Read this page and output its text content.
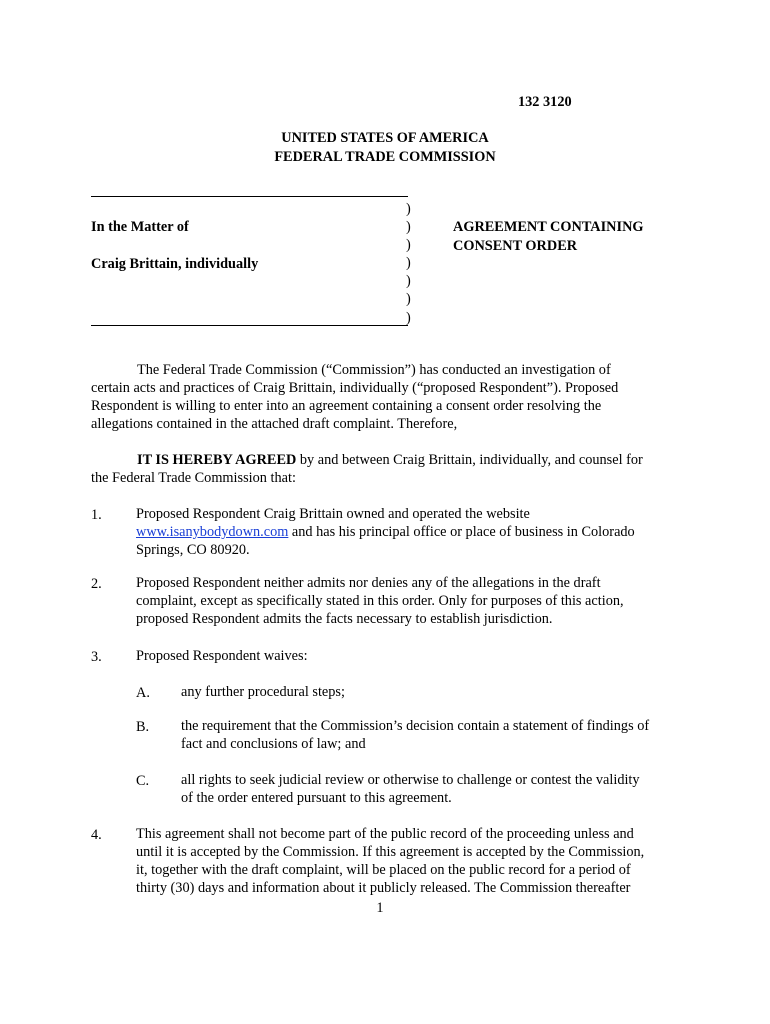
132 3120
UNITED STATES OF AMERICA
FEDERAL TRADE COMMISSION
In the Matter of
Craig Brittain, individually
)
)
)
)
)
)
)
AGREEMENT CONTAINING
CONSENT ORDER

The Federal Trade Commission (“Commission”) has conducted an investigation of

certain acts and practices of Craig Brittain, individually (“proposed Respondent”). Proposed

Respondent is willing to enter into an agreement containing a consent order resolving the

allegations contained in the attached draft complaint. Therefore,

IT IS HEREBY AGREED by and between Craig Brittain, individually, and counsel for

the Federal Trade Commission that:

1. Proposed Respondent Craig Brittain owned and operated the website

www.isanybodydown.com and has his principal office or place of business in Colorado

Springs, CO 80920.

2. Proposed Respondent neither admits nor denies any of the allegations in the draft

complaint, except as specifically stated in this order. Only for purposes of this action,

proposed Respondent admits the facts necessary to establish jurisdiction.

3. Proposed Respondent waives:

A. any further procedural steps;

B. the requirement that the Commission’s decision contain a statement of findings of

fact and conclusions of law; and

C. all rights to seek judicial review or otherwise to challenge or contest the validity

of the order entered pursuant to this agreement.

4. This agreement shall not become part of the public record of the proceeding unless and

until it is accepted by the Commission. If this agreement is accepted by the Commission,

it, together with the draft complaint, will be placed on the public record for a period of

thirty (30) days and information about it publicly released. The Commission thereafter

1
